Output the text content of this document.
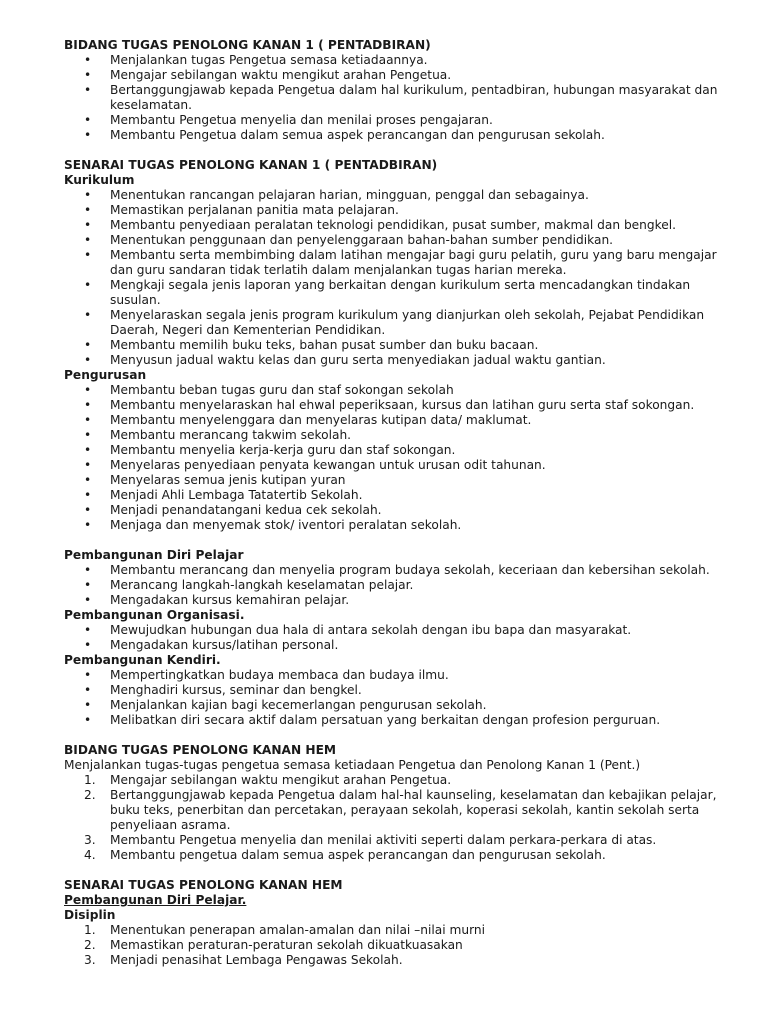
BIDANG TUGAS PENOLONG KANAN 1 ( PENTADBIRAN)

• Menjalankan tugas Pengetua semasa ketiadaannya.
• Mengajar sebilangan waktu mengikut arahan Pengetua.
• Bertanggungjawab kepada Pengetua dalam hal kurikulum, pentadbiran, hubungan masyarakat dan keselamatan.
• Membantu Pengetua menyelia dan menilai proses pengajaran.
• Membantu Pengetua dalam semua aspek perancangan dan pengurusan sekolah.

SENARAI TUGAS PENOLONG KANAN 1 ( PENTADBIRAN)

Kurikulum

• Menentukan rancangan pelajaran harian, mingguan, penggal dan sebagainya.
• Memastikan perjalanan panitia mata pelajaran.
• Membantu penyediaan peralatan teknologi pendidikan, pusat sumber, makmal dan bengkel.
• Menentukan penggunaan dan penyelenggaraan bahan-bahan sumber pendidikan.
• Membantu serta membimbing dalam latihan mengajar bagi guru pelatih, guru yang baru mengajar dan guru sandaran tidak terlatih dalam menjalankan tugas harian mereka.
• Mengkaji segala jenis laporan yang berkaitan dengan kurikulum serta mencadangkan tindakan susulan.
• Menyelaraskan segala jenis program kurikulum yang dianjurkan oleh sekolah, Pejabat Pendidikan Daerah, Negeri dan Kementerian Pendidikan.
• Membantu memilih buku teks, bahan pusat sumber dan buku bacaan.
• Menyusun jadual waktu kelas dan guru serta menyediakan jadual waktu gantian.

Pengurusan

• Membantu beban tugas guru dan staf sokongan sekolah
• Membantu menyelaraskan hal ehwal peperiksaan, kursus dan latihan guru serta staf sokongan.
• Membantu menyelenggara dan menyelaras kutipan data/ maklumat.
• Membantu merancang takwim sekolah.
• Membantu menyelia kerja-kerja guru dan staf sokongan.
• Menyelaras penyediaan penyata kewangan untuk urusan odit tahunan.
• Menyelaras semua jenis kutipan yuran
• Menjadi Ahli Lembaga Tatatertib Sekolah.
• Menjadi penandatangani kedua cek sekolah.
• Menjaga dan menyemak stok/ iventori peralatan sekolah.

Pembangunan Diri Pelajar

• Membantu merancang dan menyelia program budaya sekolah, keceriaan dan kebersihan sekolah.
• Merancang langkah-langkah keselamatan pelajar.
• Mengadakan kursus kemahiran pelajar.

Pembangunan Organisasi.

• Mewujudkan hubungan dua hala di antara sekolah dengan ibu bapa dan masyarakat.
• Mengadakan kursus/latihan personal.

Pembangunan Kendiri.

• Mempertingkatkan budaya membaca dan budaya ilmu.
• Menghadiri kursus, seminar dan bengkel.
• Menjalankan kajian bagi kecemerlangan pengurusan sekolah.
• Melibatkan diri secara aktif dalam persatuan yang berkaitan dengan profesion perguruan.

BIDANG TUGAS PENOLONG KANAN HEM

Menjalankan tugas-tugas pengetua semasa ketiadaan Pengetua dan Penolong Kanan 1 (Pent.)

1. Mengajar sebilangan waktu mengikut arahan Pengetua.
2. Bertanggungjawab kepada Pengetua dalam hal-hal kaunseling, keselamatan dan kebajikan pelajar, buku teks, penerbitan dan percetakan, perayaan sekolah, koperasi sekolah, kantin sekolah serta penyeliaan asrama.
3. Membantu Pengetua menyelia dan menilai aktiviti seperti dalam perkara-perkara di atas.
4. Membantu pengetua dalam semua aspek perancangan dan pengurusan sekolah.

SENARAI TUGAS PENOLONG KANAN HEM

Pembangunan Diri Pelajar.

Disiplin

1. Menentukan penerapan amalan-amalan dan nilai –nilai murni
2. Memastikan peraturan-peraturan sekolah dikuatkuasakan
3. Menjadi penasihat Lembaga Pengawas Sekolah.
